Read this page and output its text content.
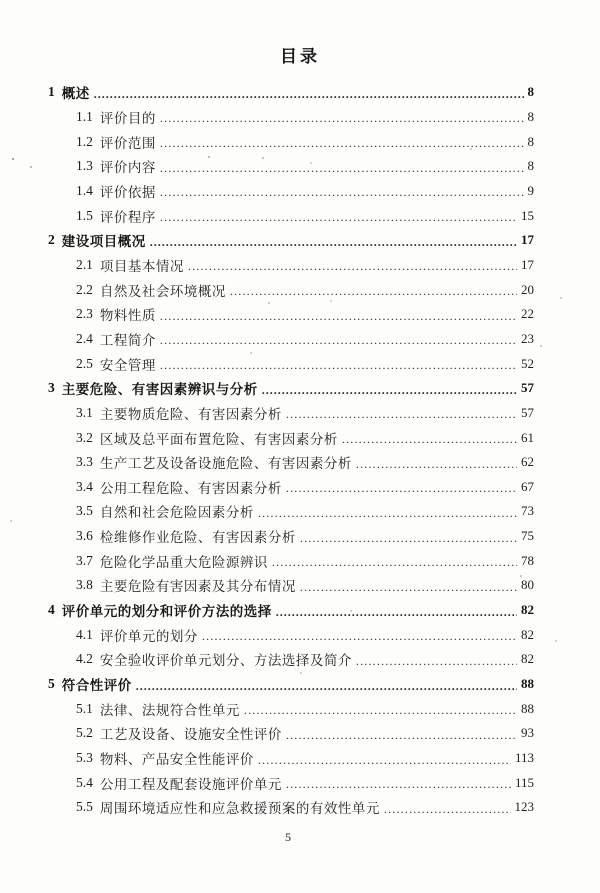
目录
1 概述 .....	8
1.1 评价目的 .....	8
1.2 评价范围 .....	8
1.3 评价内容 .....	8
1.4 评价依据 .....	9
1.5 评价程序 .....	15
2 建设项目概况 .....	17
2.1 项目基本情况 .....	17
2.2 自然及社会环境概况 .....	20
2.3 物料性质 .....	22
2.4 工程简介 .....	23
2.5 安全管理 .....	52
3 主要危险、有害因素辨识与分析 .....	57
3.1 主要物质危险、有害因素分析 .....	57
3.2 区域及总平面布置危险、有害因素分析 .....	61
3.3 生产工艺及设备设施危险、有害因素分析 .....	62
3.4 公用工程危险、有害因素分析 .....	67
3.5 自然和社会危险因素分析 .....	73
3.6 检维修作业危险、有害因素分析 .....	75
3.7 危险化学品重大危险源辨识 .....	78
3.8 主要危险有害因素及其分布情况 .....	80
4 评价单元的划分和评价方法的选择 .....	82
4.1 评价单元的划分 .....	82
4.2 安全验收评价单元划分、方法选择及简介 .....	82
5 符合性评价 .....	88
5.1 法律、法规符合性单元 .....	88
5.2 工艺及设备、设施安全性评价 .....	93
5.3 物料、产品安全性能评价 .....	113
5.4 公用工程及配套设施评价单元 .....	115
5.5 周围环境适应性和应急救援预案的有效性单元 .....	123
5
